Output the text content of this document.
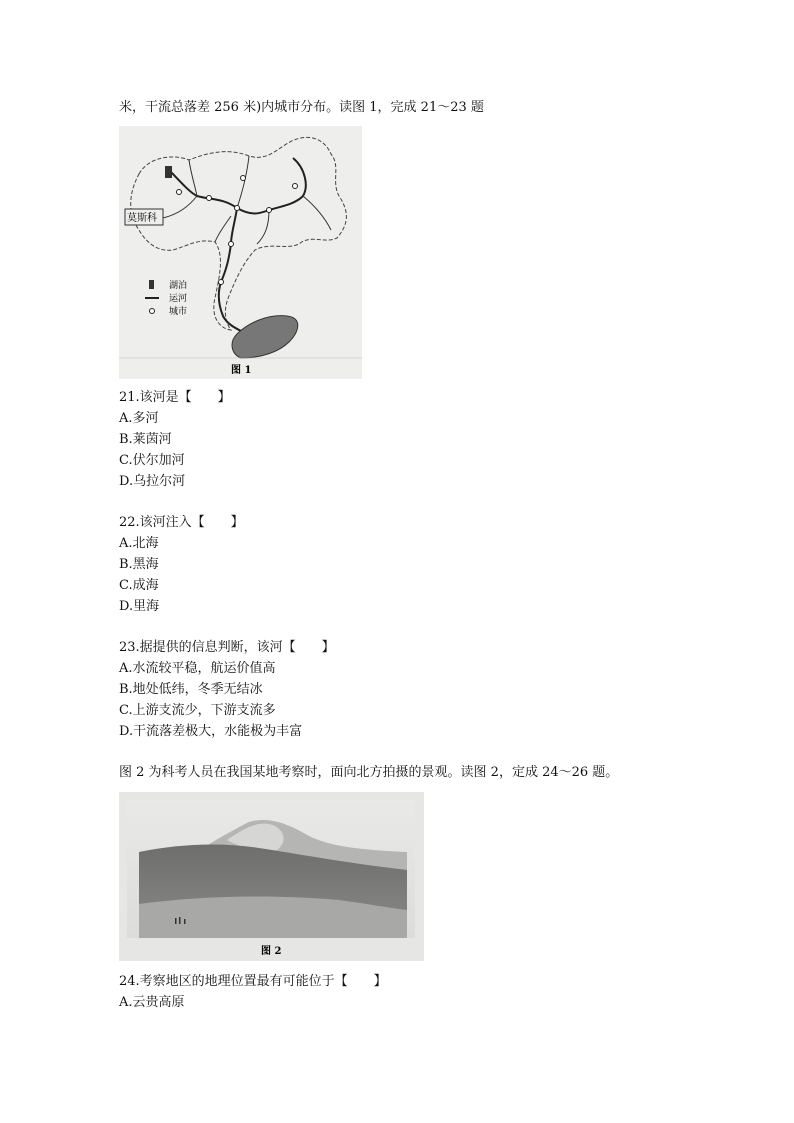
米，干流总落差 256 米)内城市分布。读图 1，完成 21～23 题
莫斯科
湖泊
运河
城市
图 1
21.该河是【　　】
A.多河
B.莱茵河
C.伏尔加河
D.乌拉尔河
22.该河注入【　　】
A.北海
B.黑海
C.成海
D.里海
23.据提供的信息判断，该河【　　】
A.水流较平稳，航运价值高
B.地处低纬，冬季无结冰
C.上游支流少，下游支流多
D.干流落差极大，水能极为丰富
图 2 为科考人员在我国某地考察时，面向北方拍摄的景观。读图 2，定成 24～26 题。
图 2
24.考察地区的地理位置最有可能位于【　　】
A.云贵高原
